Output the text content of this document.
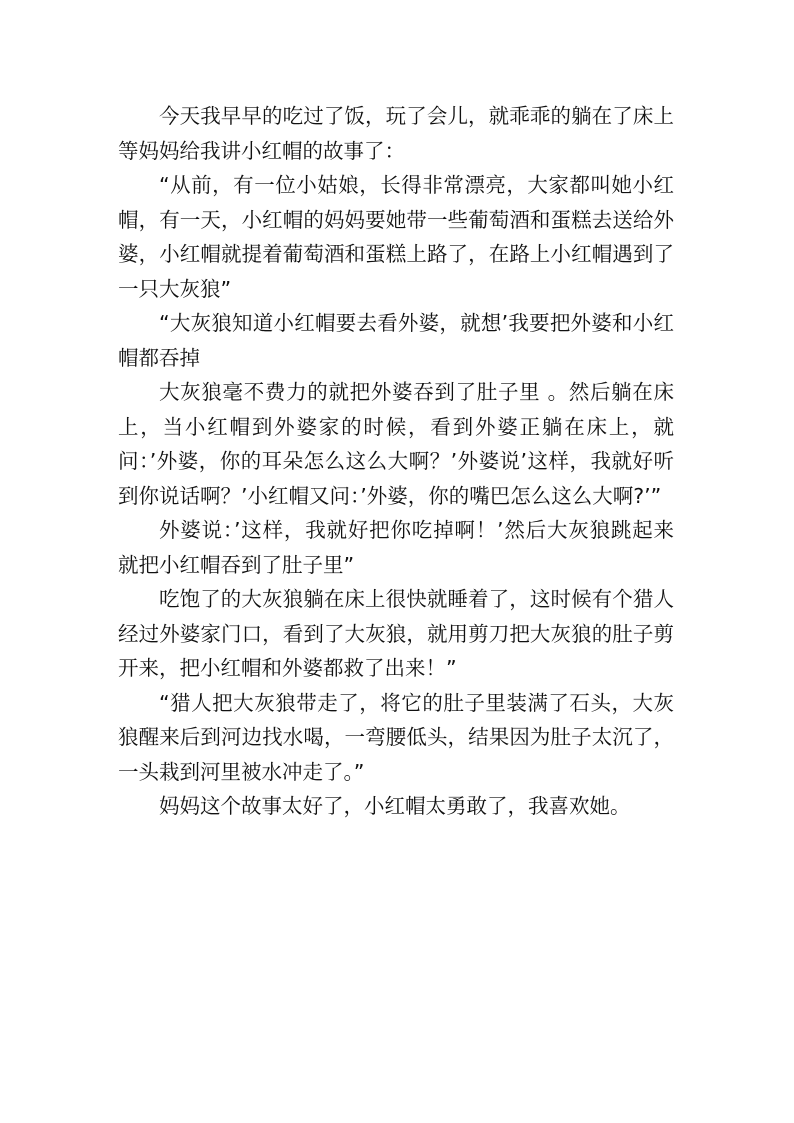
今天我早早的吃过了饭，玩了会儿，就乖乖的躺在了床上等妈妈给我讲小红帽的故事了：

“从前，有一位小姑娘，长得非常漂亮，大家都叫她小红帽，有一天，小红帽的妈妈要她带一些葡萄酒和蛋糕去送给外婆，小红帽就提着葡萄酒和蛋糕上路了，在路上小红帽遇到了一只大灰狼”

“大灰狼知道小红帽要去看外婆，就想’我要把外婆和小红帽都吞掉

大灰狼毫不费力的就把外婆吞到了肚子里 。然后躺在床上，当小红帽到外婆家的时候，看到外婆正躺在床上，就问：’外婆，你的耳朵怎么这么大啊？’外婆说’这样，我就好听到你说话啊？’小红帽又问：’外婆，你的嘴巴怎么这么大啊?’”

外婆说：’这样，我就好把你吃掉啊！’然后大灰狼跳起来就把小红帽吞到了肚子里”

吃饱了的大灰狼躺在床上很快就睡着了，这时候有个猎人经过外婆家门口，看到了大灰狼，就用剪刀把大灰狼的肚子剪开来，把小红帽和外婆都救了出来！”

“猎人把大灰狼带走了，将它的肚子里装满了石头，大灰狼醒来后到河边找水喝，一弯腰低头，结果因为肚子太沉了，一头栽到河里被水冲走了。”

妈妈这个故事太好了，小红帽太勇敢了，我喜欢她。
